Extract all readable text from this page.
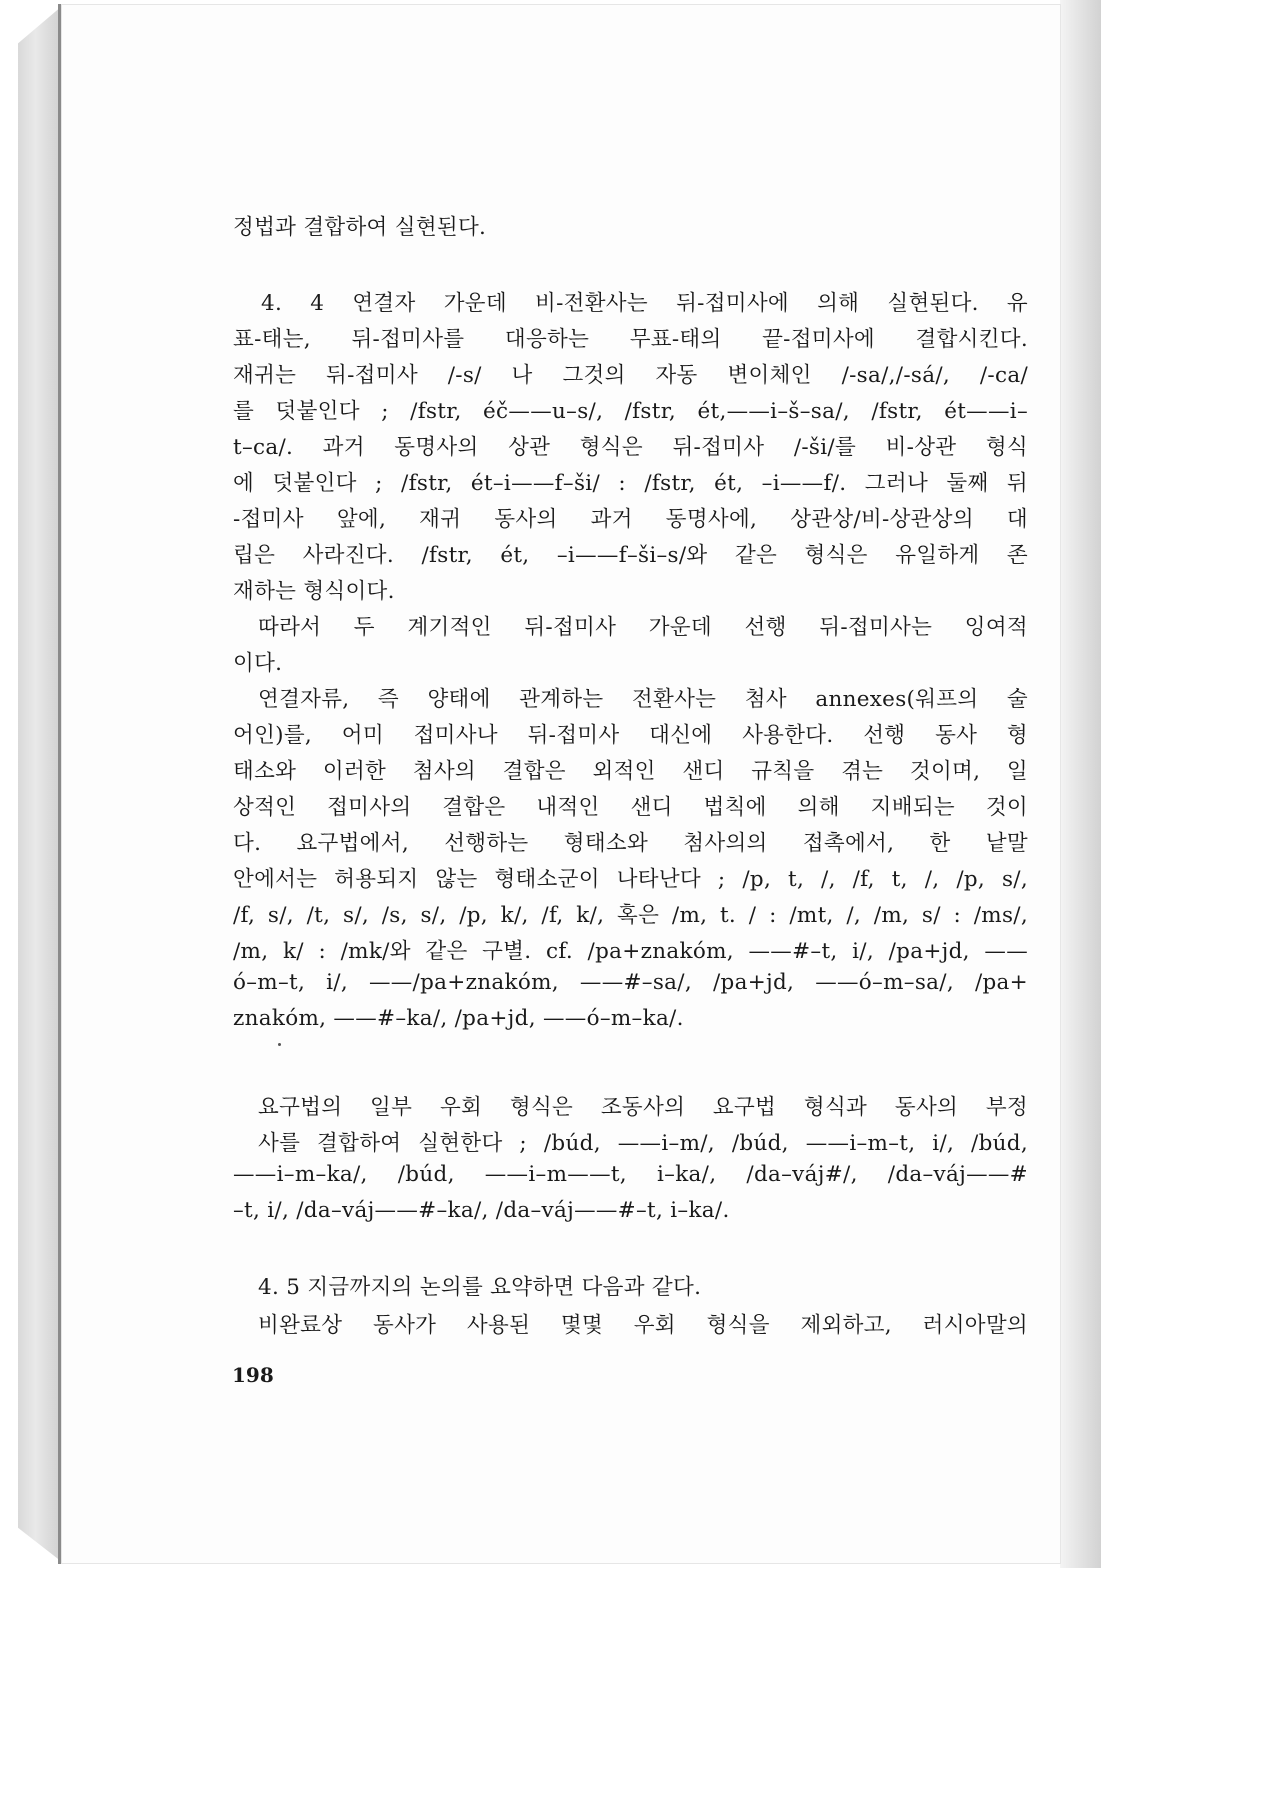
정법과 결합하여 실현된다.
4. 4 연결자 가운데 비-전환사는 뒤-접미사에 의해 실현된다. 유
표-태는, 뒤-접미사를 대응하는 무표-태의 끝-접미사에 결합시킨다.
재귀는 뒤-접미사 /-s/ 나 그것의 자동 변이체인 /-sa/,/-sá/, /-ca/
를 덧붙인다 ; /fstr, éč——u–s/, /fstr, ét,——i–š–sa/, /fstr, ét——i–
t–ca/. 과거 동명사의 상관 형식은 뒤-접미사 /-ši/를 비-상관 형식
에 덧붙인다 ; /fstr, ét–i——f–ši/ : /fstr, ét, –i——f/. 그러나 둘째 뒤
-접미사 앞에, 재귀 동사의 과거 동명사에, 상관상/비-상관상의 대
립은 사라진다. /fstr, ét, –i——f–ši–s/와 같은 형식은 유일하게 존
재하는 형식이다.
따라서 두 계기적인 뒤-접미사 가운데 선행 뒤-접미사는 잉여적
이다.
연결자류, 즉 양태에 관계하는 전환사는 첨사 annexes(워프의 술
어인)를, 어미 접미사나 뒤-접미사 대신에 사용한다. 선행 동사 형
태소와 이러한 첨사의 결합은 외적인 샌디 규칙을 겪는 것이며, 일
상적인 접미사의 결합은 내적인 샌디 법칙에 의해 지배되는 것이
다. 요구법에서, 선행하는 형태소와 첨사의의 접촉에서, 한 낱말
안에서는 허용되지 않는 형태소군이 나타난다 ; /p, t, /, /f, t, /, /p, s/,
/f, s/, /t, s/, /s, s/, /p, k/, /f, k/, 혹은 /m, t. / : /mt, /, /m, s/ : /ms/,
/m, k/ : /mk/와 같은 구별. cf. /pa+znakóm, ——#–t, i/, /pa+jd, ——
ó–m–t, i/, ——/pa+znakóm, ——#–sa/, /pa+jd, ——ó–m–sa/, /pa+
znakóm, ——#–ka/, /pa+jd, ——ó–m–ka/.
요구법의 일부 우회 형식은 조동사의 요구법 형식과 동사의 부정
사를 결합하여 실현한다 ; /búd, ——i–m/, /búd, ——i–m–t, i/, /búd,
——i–m–ka/, /búd, ——i–m——t, i–ka/, /da–váj#/, /da–váj——#
–t, i/, /da–váj——#–ka/, /da–váj——#–t, i–ka/.
4. 5 지금까지의 논의를 요약하면 다음과 같다.
비완료상 동사가 사용된 몇몇 우회 형식을 제외하고, 러시아말의
198
